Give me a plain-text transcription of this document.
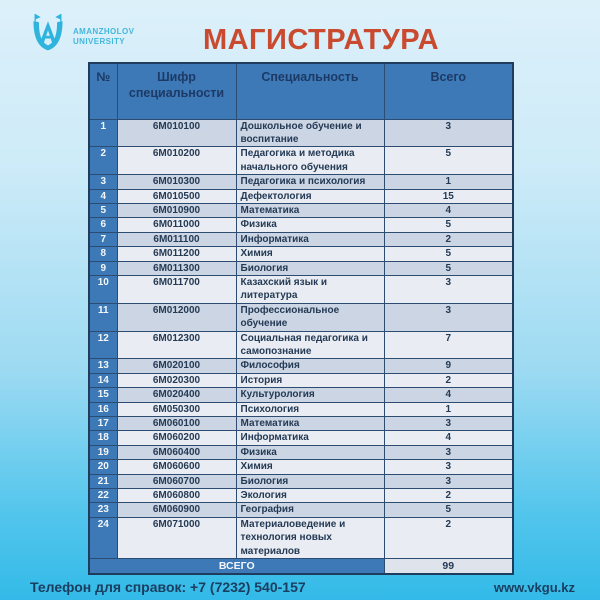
AMANZHOLOV
UNIVERSITY	МАГИСТРАТУРА
№	Шифр специальности	Специальность	Всего
1	6M010100	Дошкольное обучение и воспитание	3
2	6M010200	Педагогика и методика начального обучения	5
3	6M010300	Педагогика и психология	1
4	6M010500	Дефектология	15
5	6M010900	Математика	4
6	6M011000	Физика	5
7	6M011100	Информатика	2
8	6M011200	Химия	5
9	6M011300	Биология	5
10	6M011700	Казахский язык и литература	3
11	6M012000	Профессиональное обучение	3
12	6M012300	Социальная педагогика и самопознание	7
13	6M020100	Философия	9
14	6M020300	История	2
15	6M020400	Культурология	4
16	6M050300	Психология	1
17	6M060100	Математика	3
18	6M060200	Информатика	4
19	6M060400	Физика	3
20	6M060600	Химия	3
21	6M060700	Биология	3
22	6M060800	Экология	2
23	6M060900	География	5
24	6M071000	Материаловедение и технология новых материалов	2
ВСЕГО			99
Телефон для справок: +7 (7232) 540-157	www.vkgu.kz
